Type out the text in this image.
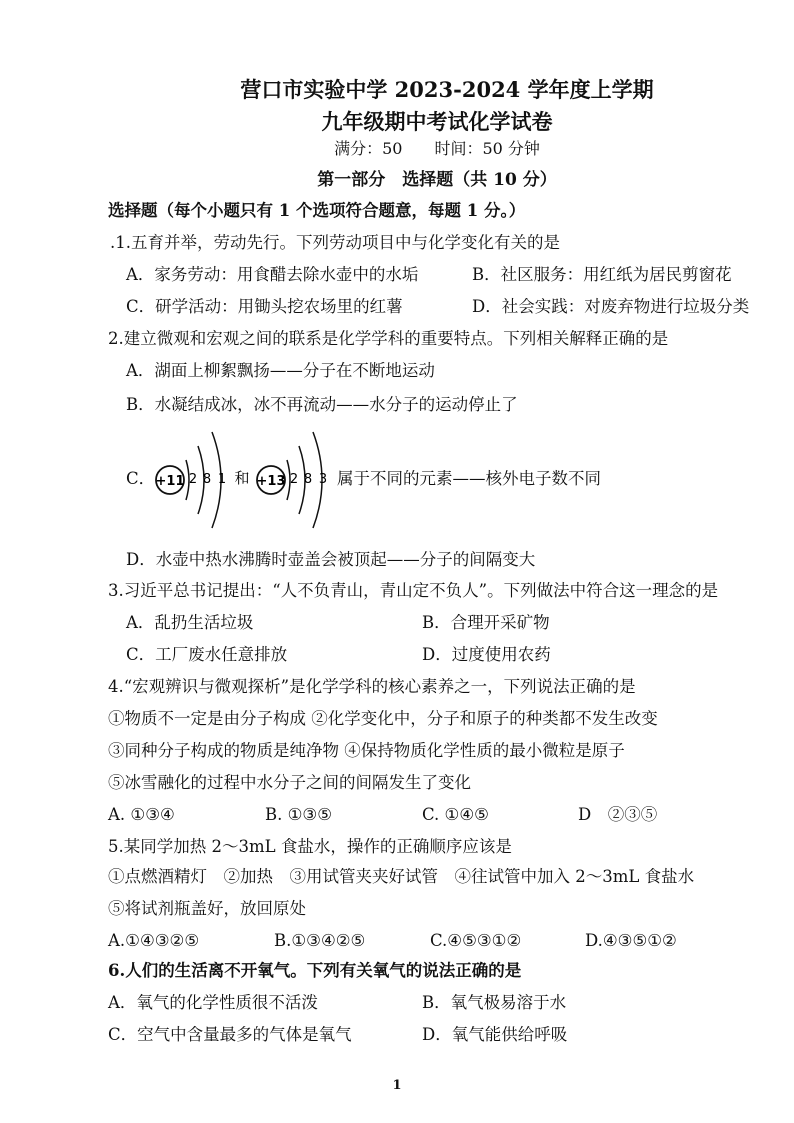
营口市实验中学 2023-2024 学年度上学期
九年级期中考试化学试卷
满分：50　　时间：50 分钟
第一部分　选择题（共 10 分）
选择题（每个小题只有 1 个选项符合题意，每题 1 分。）
.1.五育并举，劳动先行。下列劳动项目中与化学变化有关的是
A．家务劳动：用食醋去除水壶中的水垢	B．社区服务：用红纸为居民剪窗花
C．研学活动：用锄头挖农场里的红薯	D．社会实践：对废弃物进行垃圾分类
2.建立微观和宏观之间的联系是化学学科的重要特点。下列相关解释正确的是
A．湖面上柳絮飘扬——分子在不断地运动
B．水凝结成冰，冰不再流动——水分子的运动停止了
C． +11 2 8 1 和 +13 2 8 3 属于不同的元素——核外电子数不同
D．水壶中热水沸腾时壶盖会被顶起——分子的间隔变大
3.习近平总书记提出：“人不负青山，青山定不负人”。下列做法中符合这一理念的是
A．乱扔生活垃圾	B．合理开采矿物
C．工厂废水任意排放	D．过度使用农药
4.“宏观辨识与微观探析”是化学学科的核心素养之一，下列说法正确的是
①物质不一定是由分子构成 ②化学变化中，分子和原子的种类都不发生改变
③同种分子构成的物质是纯净物 ④保持物质化学性质的最小微粒是原子
⑤冰雪融化的过程中水分子之间的间隔发生了变化
A. ①③④	B. ①③⑤	C. ①④⑤	D　②③⑤
5.某同学加热 2～3mL 食盐水，操作的正确顺序应该是
①点燃酒精灯　②加热　③用试管夹夹好试管　④往试管中加入 2～3mL 食盐水
⑤将试剂瓶盖好，放回原处
A.①④③②⑤	B.①③④②⑤	C.④⑤③①②	D.④③⑤①②
6.人们的生活离不开氧气。下列有关氧气的说法正确的是
A．氧气的化学性质很不活泼	B．氧气极易溶于水
C．空气中含量最多的气体是氧气	D．氧气能供给呼吸
1
